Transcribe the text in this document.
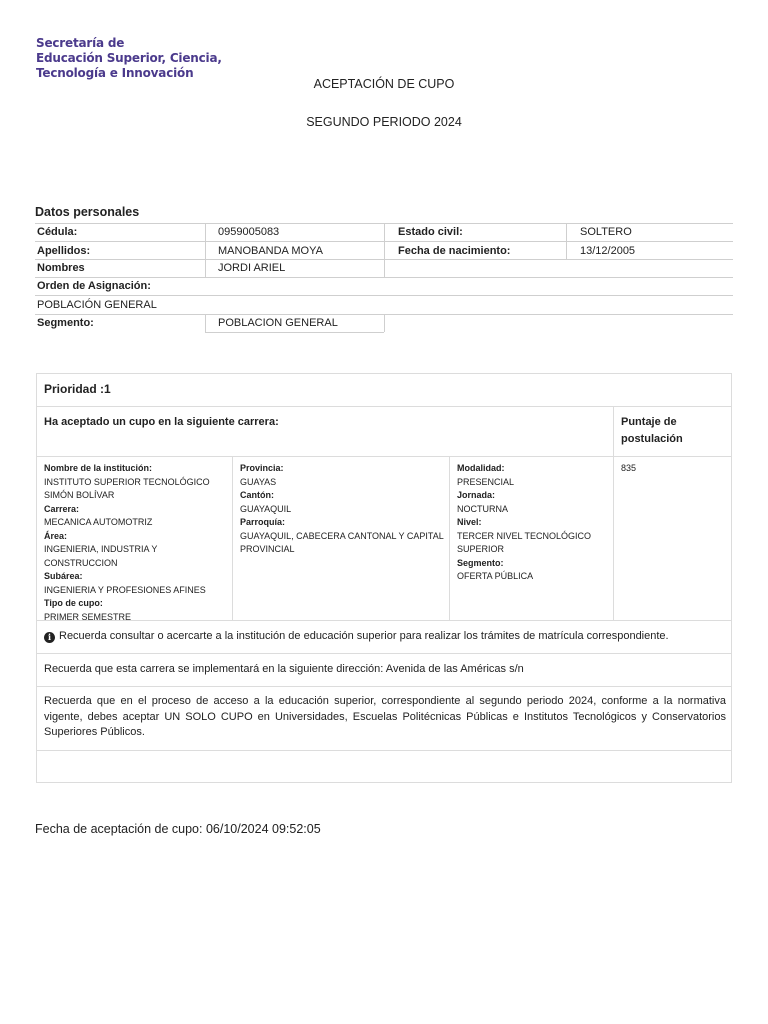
Secretaría de
Educación Superior, Ciencia,
Tecnología e Innovación
ACEPTACIÓN DE CUPO
SEGUNDO PERIODO 2024
Datos personales
Cédula:	0959005083	Estado civil:	SOLTERO
Apellidos:	MANOBANDA MOYA	Fecha de nacimiento:	13/12/2005
Nombres	JORDI ARIEL
Orden de Asignación:
POBLACIÓN GENERAL
Segmento:	POBLACION GENERAL
Prioridad :1
Ha aceptado un cupo en la siguiente carrera:	Puntaje de postulación
Nombre de la institución:
INSTITUTO SUPERIOR TECNOLÓGICO SIMÓN BOLÍVAR
Carrera:
MECANICA AUTOMOTRIZ
Área:
INGENIERIA, INDUSTRIA Y CONSTRUCCION
Subárea:
INGENIERIA Y PROFESIONES AFINES
Tipo de cupo:
PRIMER SEMESTRE
Provincia:
GUAYAS
Cantón:
GUAYAQUIL
Parroquía:
GUAYAQUIL, CABECERA CANTONAL Y CAPITAL PROVINCIAL
Modalidad:
PRESENCIAL
Jornada:
NOCTURNA
Nivel:
TERCER NIVEL TECNOLÓGICO SUPERIOR
Segmento:
OFERTA PÚBLICA
835
i Recuerda consultar o acercarte a la institución de educación superior para realizar los trámites de matrícula correspondiente.
Recuerda que esta carrera se implementará en la siguiente dirección: Avenida de las Américas s/n
Recuerda que en el proceso de acceso a la educación superior, correspondiente al segundo periodo 2024, conforme a la normativa vigente, debes aceptar UN SOLO CUPO en Universidades, Escuelas Politécnicas Públicas e Institutos Tecnológicos y Conservatorios Superiores Públicos.
Fecha de aceptación de cupo: 06/10/2024 09:52:05
